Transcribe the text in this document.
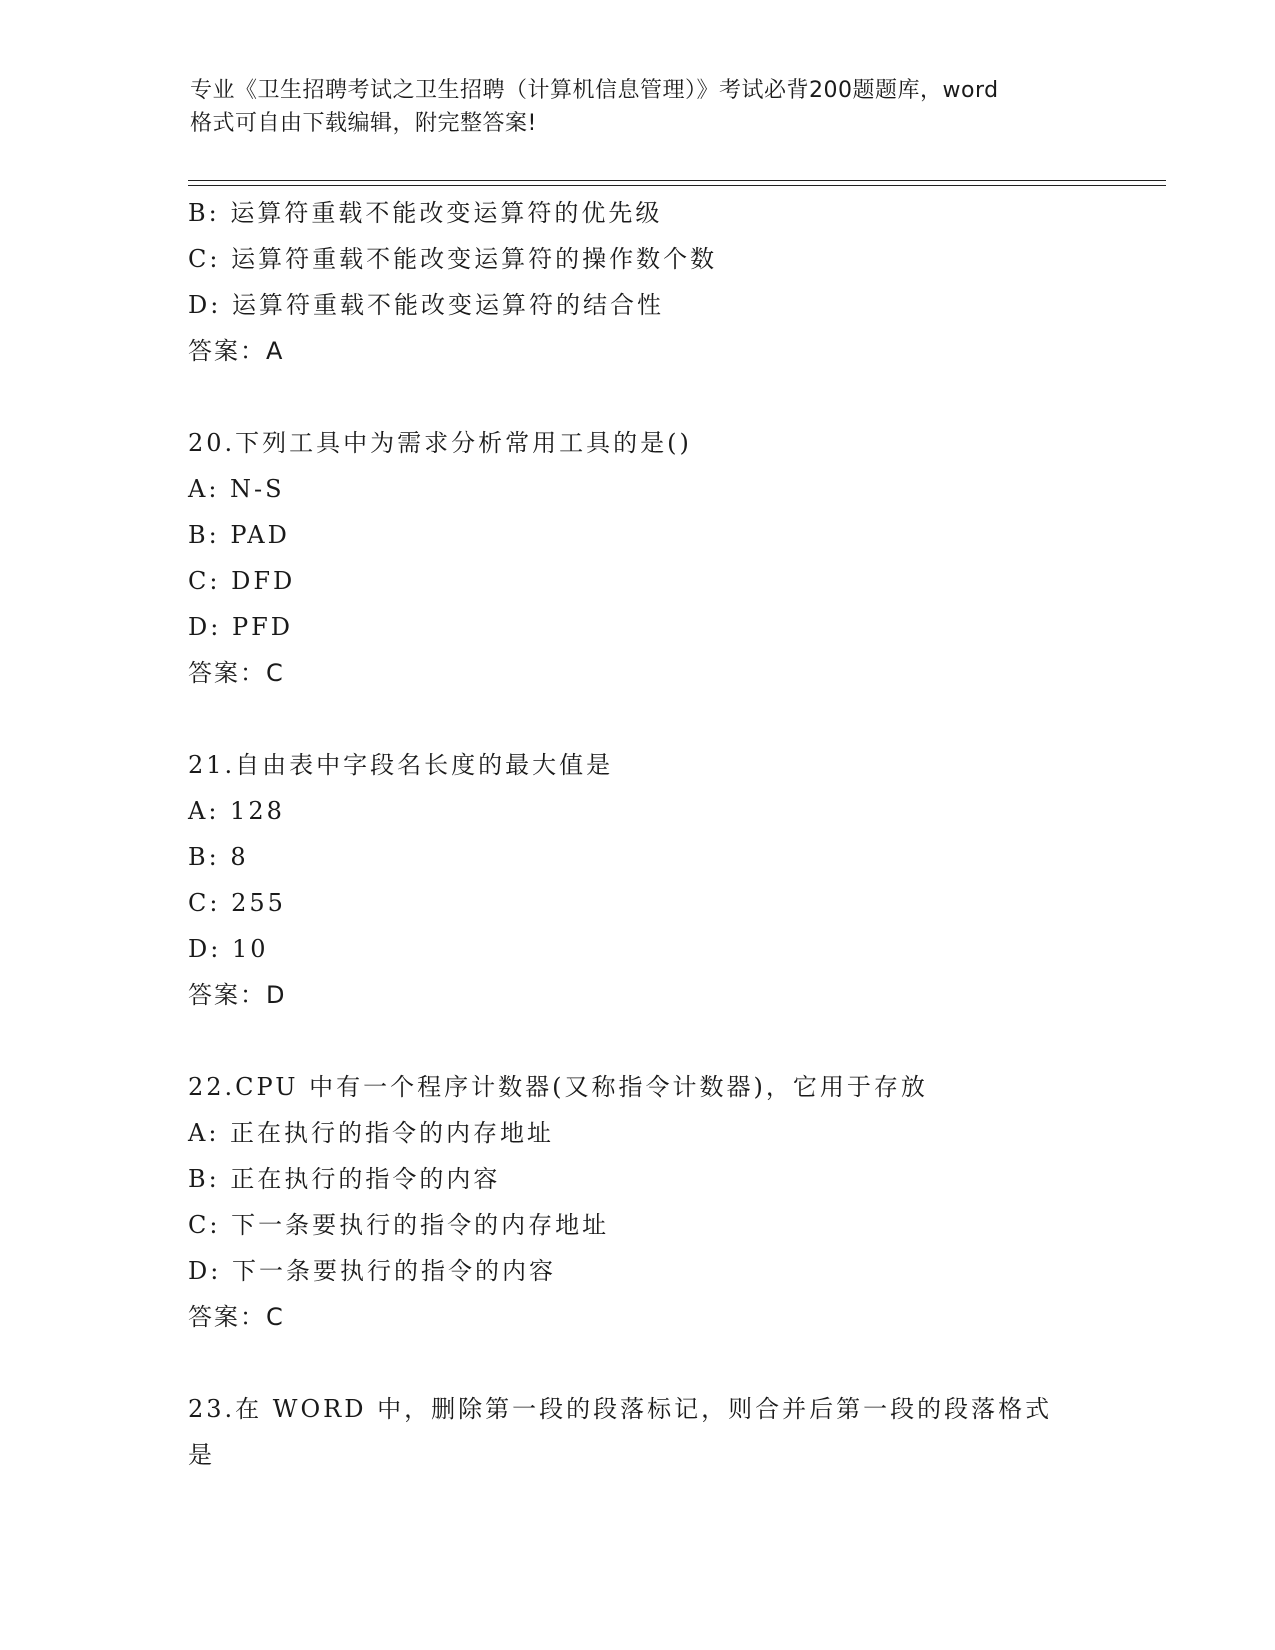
专业《卫生招聘考试之卫生招聘（计算机信息管理）》考试必背200题题库，word
格式可自由下载编辑，附完整答案!
B: 运算符重载不能改变运算符的优先级
C: 运算符重载不能改变运算符的操作数个数
D: 运算符重载不能改变运算符的结合性
答案：A
20.下列工具中为需求分析常用工具的是()
A: N-S
B: PAD
C: DFD
D: PFD
答案：C
21.自由表中字段名长度的最大值是
A: 128
B: 8
C: 255
D: 10
答案：D
22.CPU 中有一个程序计数器(又称指令计数器)，它用于存放
A: 正在执行的指令的内存地址
B: 正在执行的指令的内容
C: 下一条要执行的指令的内存地址
D: 下一条要执行的指令的内容
答案：C
23.在 WORD 中，删除第一段的段落标记，则合并后第一段的段落格式
是
